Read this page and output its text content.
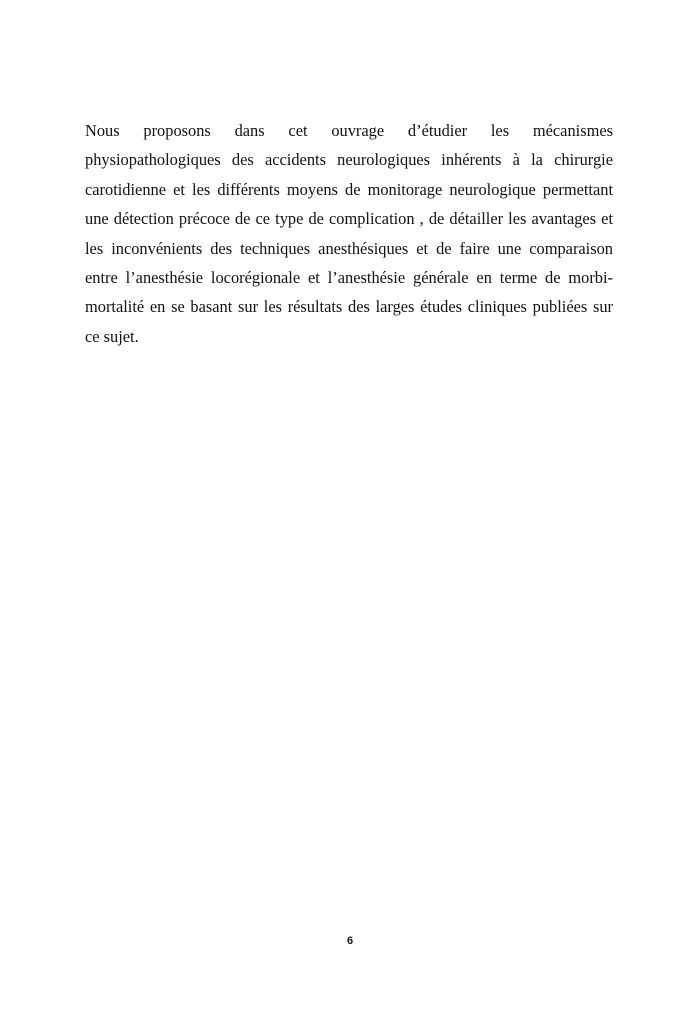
Nous proposons dans cet ouvrage d’étudier les mécanismes
physiopathologiques des accidents neurologiques inhérents à la chirurgie
carotidienne et les différents moyens de monitorage neurologique permettant
une détection précoce de ce type de complication , de détailler les avantages et
les inconvénients des techniques anesthésiques et de faire une comparaison
entre l’anesthésie locorégionale et l’anesthésie générale en terme de morbi-
mortalité en se basant sur les résultats des larges études cliniques publiées sur
ce sujet.

6
